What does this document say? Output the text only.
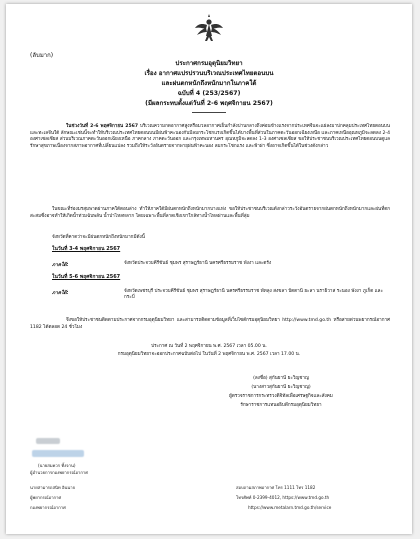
(ลับมาก)
ประกาศกรมอุตุนิยมวิทยา
เรื่อง อากาศแปรปรวนบริเวณประเทศไทยตอนบน
และฝนตกหนักถึงหนักมากในภาคใต้
ฉบับที่ 4 (253/2567)
(มีผลกระทบตั้งแต่วันที่ 2-6 พฤศจิกายน 2567)
ในช่วงวันที่ 2-6 พฤศจิกายน 2567 บริเวณความกดอากาศสูงหรือมวลอากาศเย็นกำลังปานกลางถึงค่อนข้างแรงจากประเทศจีนจะแผ่ลงมาปกคลุมประเทศไทยตอนบนและทะเลจีนใต้ ลักษณะเช่นนี้จะทำให้บริเวณประเทศไทยตอนบนมีฝนฟ้าคะนองกับมีลมกระโชกแรงเกิดขึ้นได้บางพื้นที่ส่วนในภาคตะวันออกเฉียงเหนือ และภาคเหนืออุณหภูมิจะลดลง 2-4 องศาเซลเซียส ส่วนบริเวณภาคตะวันออกเฉียงเหนือ ภาคกลาง ภาคตะวันออก และกรุงเทพมหานคร อุณหภูมิจะลดลง 1-3 องศาเซลเซียส ขอให้ประชาชนบริเวณประเทศไทยตอนบนดูแลรักษาสุขภาพเนื่องจากสภาพอากาศที่เปลี่ยนแปลง รวมถึงให้ระวังอันตรายจากพายุฝนฟ้าคะนอง ลมกระโชกแรง และฟ้าผ่า ซึ่งอาจเกิดขึ้นได้ในช่วงดังกล่าว
ในขณะที่ร่องมรสุมพาดผ่านภาคใต้ตอนล่าง ทำให้ภาคใต้มีฝนตกหนักถึงหนักมากบางแห่ง ขอให้ประชาชนบริเวณดังกล่าวระวังอันตรายจากฝนตกหนักถึงหนักมากและฝนที่ตกสะสมซึ่งอาจทำให้เกิดน้ำท่วมฉับพลัน น้ำป่าไหลหลาก โดยเฉพาะพื้นที่ลาดเชิงเขาใกล้ทางน้ำไหลผ่านและพื้นที่ลุ่ม
จังหวัดที่คาดว่าจะมีฝนตกหนักถึงหนักมากมีดังนี้
ในวันที่ 3-4 พฤศจิกายน 2567
ภาคใต้:	จังหวัดประจวบคีรีขันธ์ ชุมพร สุราษฎร์ธานี นครศรีธรรมราช พังงา และตรัง
ในวันที่ 5-6 พฤศจิกายน 2567
ภาคใต้:	จังหวัดเพชรบุรี ประจวบคีรีขันธ์ ชุมพร สุราษฎร์ธานี นครศรีธรรมราช พัทลุง สงขลา ปัตตานี ยะลา นราธิวาส ระนอง พังงา ภูเก็ต และกระบี่
จึงขอให้ประชาชนติดตามประกาศจากกรมอุตุนิยมวิทยา และสามารถติดตามข้อมูลที่เว็บไซต์กรมอุตุนิยมวิทยา http://www.tmd.go.th หรือสายด่วนพยากรณ์อากาศ 1182 ได้ตลอด 24 ชั่วโมง
ประกาศ ณ วันที่ 2 พฤศจิกายน พ.ศ. 2567 เวลา 05.00 น.
กรมอุตุนิยมวิทยาจะออกประกาศฉบับต่อไป ในวันที่ 2 พฤศจิกายน พ.ศ. 2567 เวลา 17.00 น.
(ลงชื่อ) สุกันยานี ยะวิญชาญ
(นางสาวสุกันยานี ยะวิญชาญ)
ผู้ตรวจราชการกระทรวงดิจิทัลเพื่อเศรษฐกิจและสังคม
รักษาราชการแทนอธิบดีกรมอุตุนิยมวิทยา
(นายสมควร ทิ้งจาน)
ผู้อำนวยการกองพยากรณ์อากาศ
นายสามารถสนิท อินนาจ
ผู้พยากรณ์อากาศ
กองพยากรณ์อากาศ
สอบถามสภาพอากาศ โทร 1111 โทร 1182
โทรศัพท์ 0-2399-4012, https://www.tmd.go.th
https://www.metalarn.tmd.go.th/service
